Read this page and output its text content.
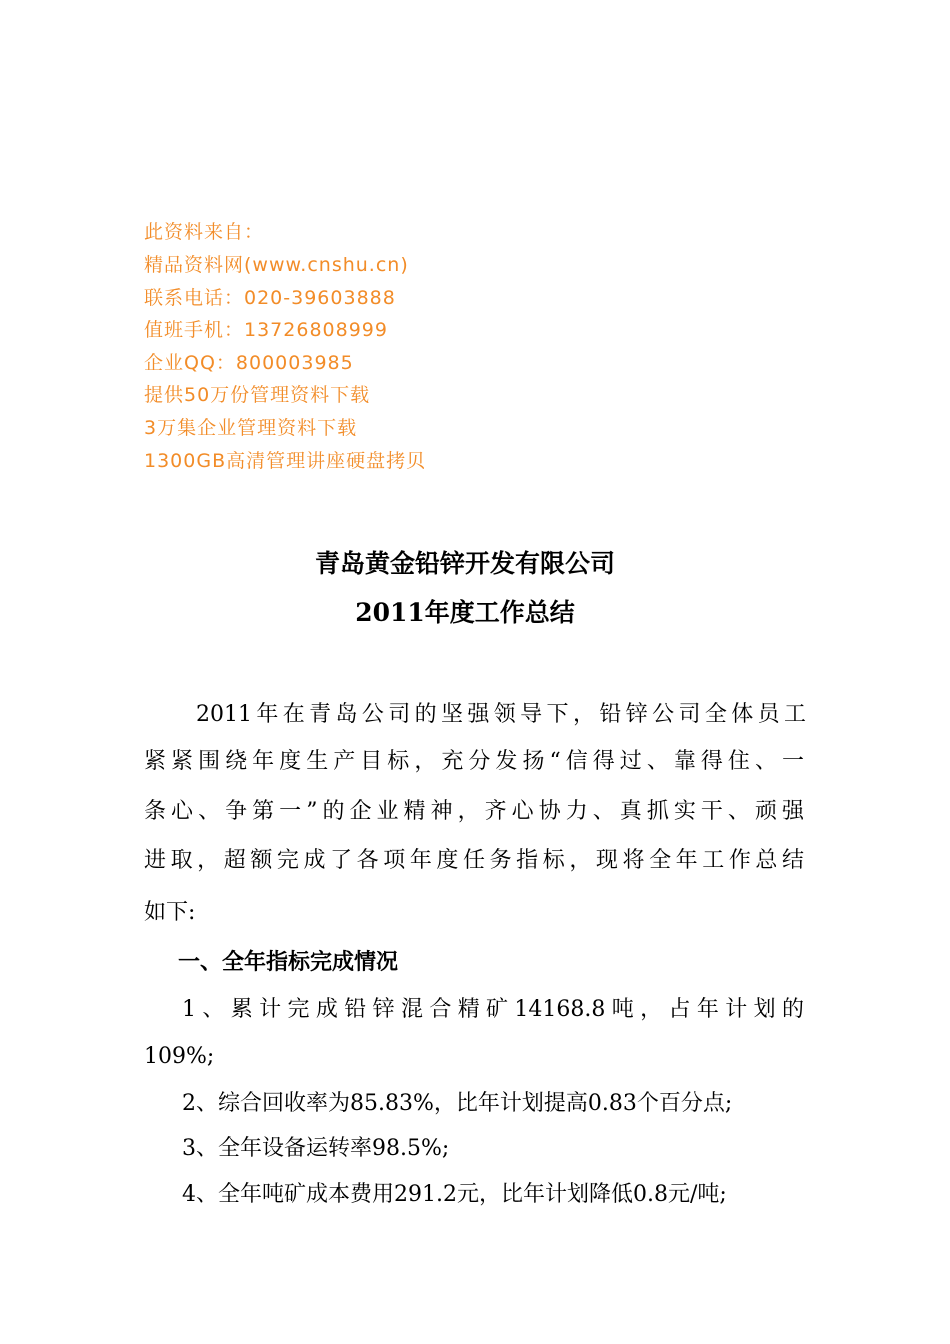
此资料来自：
精品资料网(www.cnshu.cn)
联系电话：020-39603888
值班手机：13726808999
企业QQ：800003985
提供50万份管理资料下载
3万集企业管理资料下载
1300GB高清管理讲座硬盘拷贝
青岛黄金铅锌开发有限公司
2011年度工作总结
2011年在青岛公司的坚强领导下，铅锌公司全体员工
紧紧围绕年度生产目标，充分发扬“信得过、靠得住、一
条心、争第一”的企业精神，齐心协力、真抓实干、顽强
进取，超额完成了各项年度任务指标，现将全年工作总结
如下:
一、全年指标完成情况
1、累计完成铅锌混合精矿14168.8吨，占年计划的
109%;
2、综合回收率为85.83%，比年计划提高0.83个百分点;
3、全年设备运转率98.5%;
4、全年吨矿成本费用291.2元，比年计划降低0.8元/吨;
